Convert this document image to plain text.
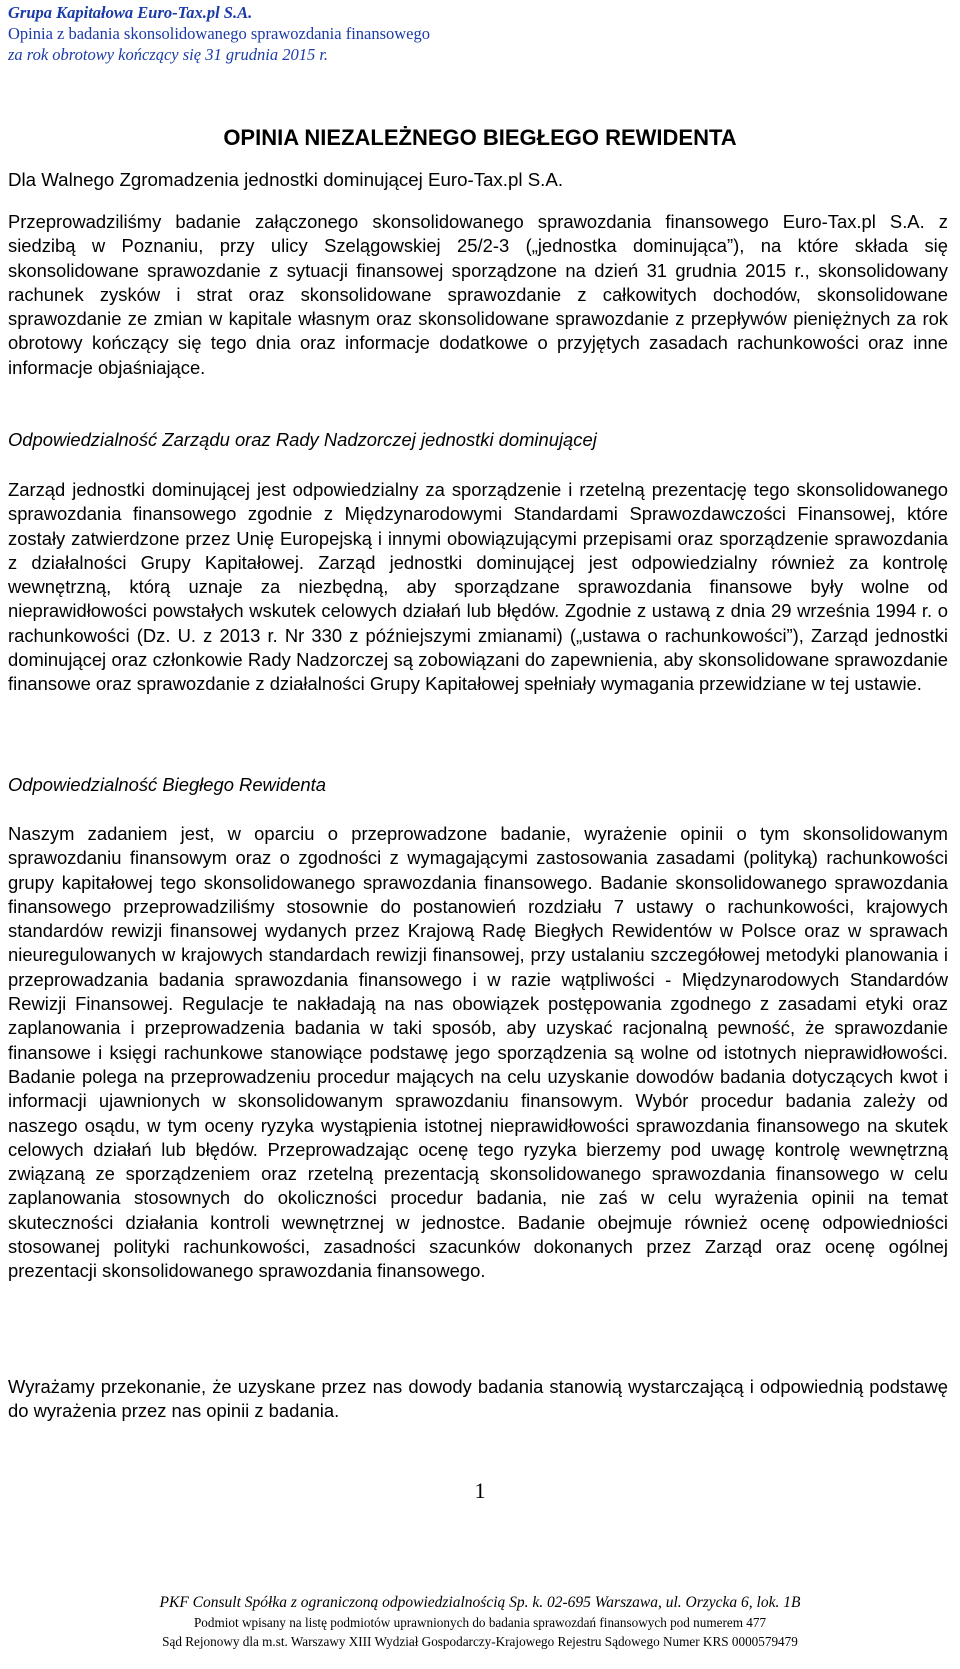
Grupa Kapitałowa Euro-Tax.pl S.A.
Opinia z badania skonsolidowanego sprawozdania finansowego
za rok obrotowy kończący się 31 grudnia 2015 r.
OPINIA NIEZALEŻNEGO BIEGŁEGO REWIDENTA
Dla Walnego Zgromadzenia jednostki dominującej Euro-Tax.pl S.A.
Przeprowadziliśmy badanie załączonego skonsolidowanego sprawozdania finansowego Euro-Tax.pl S.A. z siedzibą w Poznaniu, przy ulicy Szelągowskiej 25/2-3 („jednostka dominująca”), na które składa się skonsolidowane sprawozdanie z sytuacji finansowej sporządzone na dzień 31 grudnia 2015 r., skonsolidowany rachunek zysków i strat oraz skonsolidowane sprawozdanie z całkowitych dochodów, skonsolidowane sprawozdanie ze zmian w kapitale własnym oraz skonsolidowane sprawozdanie z przepływów pieniężnych za rok obrotowy kończący się tego dnia oraz informacje dodatkowe o przyjętych zasadach rachunkowości oraz inne informacje objaśniające.
Odpowiedzialność Zarządu oraz Rady Nadzorczej jednostki dominującej
Zarząd jednostki dominującej jest odpowiedzialny za sporządzenie i rzetelną prezentację tego skonsolidowanego sprawozdania finansowego zgodnie z Międzynarodowymi Standardami Sprawozdawczości Finansowej, które zostały zatwierdzone przez Unię Europejską i innymi obowiązującymi przepisami oraz sporządzenie sprawozdania z działalności Grupy Kapitałowej. Zarząd jednostki dominującej jest odpowiedzialny również za kontrolę wewnętrzną, którą uznaje za niezbędną, aby sporządzane sprawozdania finansowe były wolne od nieprawidłowości powstałych wskutek celowych działań lub błędów. Zgodnie z ustawą z dnia 29 września 1994 r. o rachunkowości (Dz. U. z 2013 r. Nr 330 z późniejszymi zmianami) („ustawa o rachunkowości”), Zarząd jednostki dominującej oraz członkowie Rady Nadzorczej są zobowiązani do zapewnienia, aby skonsolidowane sprawozdanie finansowe oraz sprawozdanie z działalności Grupy Kapitałowej spełniały wymagania przewidziane w tej ustawie.
Odpowiedzialność Biegłego Rewidenta
Naszym zadaniem jest, w oparciu o przeprowadzone badanie, wyrażenie opinii o tym skonsolidowanym sprawozdaniu finansowym oraz o zgodności z wymagającymi zastosowania zasadami (polityką) rachunkowości grupy kapitałowej tego skonsolidowanego sprawozdania finansowego. Badanie skonsolidowanego sprawozdania finansowego przeprowadziliśmy stosownie do postanowień rozdziału 7 ustawy o rachunkowości, krajowych standardów rewizji finansowej wydanych przez Krajową Radę Biegłych Rewidentów w Polsce oraz w sprawach nieuregulowanych w krajowych standardach rewizji finansowej, przy ustalaniu szczegółowej metodyki planowania i przeprowadzania badania sprawozdania finansowego i w razie wątpliwości - Międzynarodowych Standardów Rewizji Finansowej. Regulacje te nakładają na nas obowiązek postępowania zgodnego z zasadami etyki oraz zaplanowania i przeprowadzenia badania w taki sposób, aby uzyskać racjonalną pewność, że sprawozdanie finansowe i księgi rachunkowe stanowiące podstawę jego sporządzenia są wolne od istotnych nieprawidłowości. Badanie polega na przeprowadzeniu procedur mających na celu uzyskanie dowodów badania dotyczących kwot i informacji ujawnionych w skonsolidowanym sprawozdaniu finansowym. Wybór procedur badania zależy od naszego osądu, w tym oceny ryzyka wystąpienia istotnej nieprawidłowości sprawozdania finansowego na skutek celowych działań lub błędów. Przeprowadzając ocenę tego ryzyka bierzemy pod uwagę kontrolę wewnętrzną związaną ze sporządzeniem oraz rzetelną prezentacją skonsolidowanego sprawozdania finansowego w celu zaplanowania stosownych do okoliczności procedur badania, nie zaś w celu wyrażenia opinii na temat skuteczności działania kontroli wewnętrznej w jednostce. Badanie obejmuje również ocenę odpowiedniości stosowanej polityki rachunkowości, zasadności szacunków dokonanych przez Zarząd oraz ocenę ogólnej prezentacji skonsolidowanego sprawozdania finansowego.
Wyrażamy przekonanie, że uzyskane przez nas dowody badania stanowią wystarczającą i odpowiednią podstawę do wyrażenia przez nas opinii z badania.
1
PKF Consult Spółka z ograniczoną odpowiedzialnością Sp. k. 02-695 Warszawa, ul. Orzycka 6, lok. 1B
Podmiot wpisany na listę podmiotów uprawnionych do badania sprawozdań finansowych pod numerem 477
Sąd Rejonowy dla m.st. Warszawy XIII Wydział Gospodarczy-Krajowego Rejestru Sądowego Numer KRS 0000579479
